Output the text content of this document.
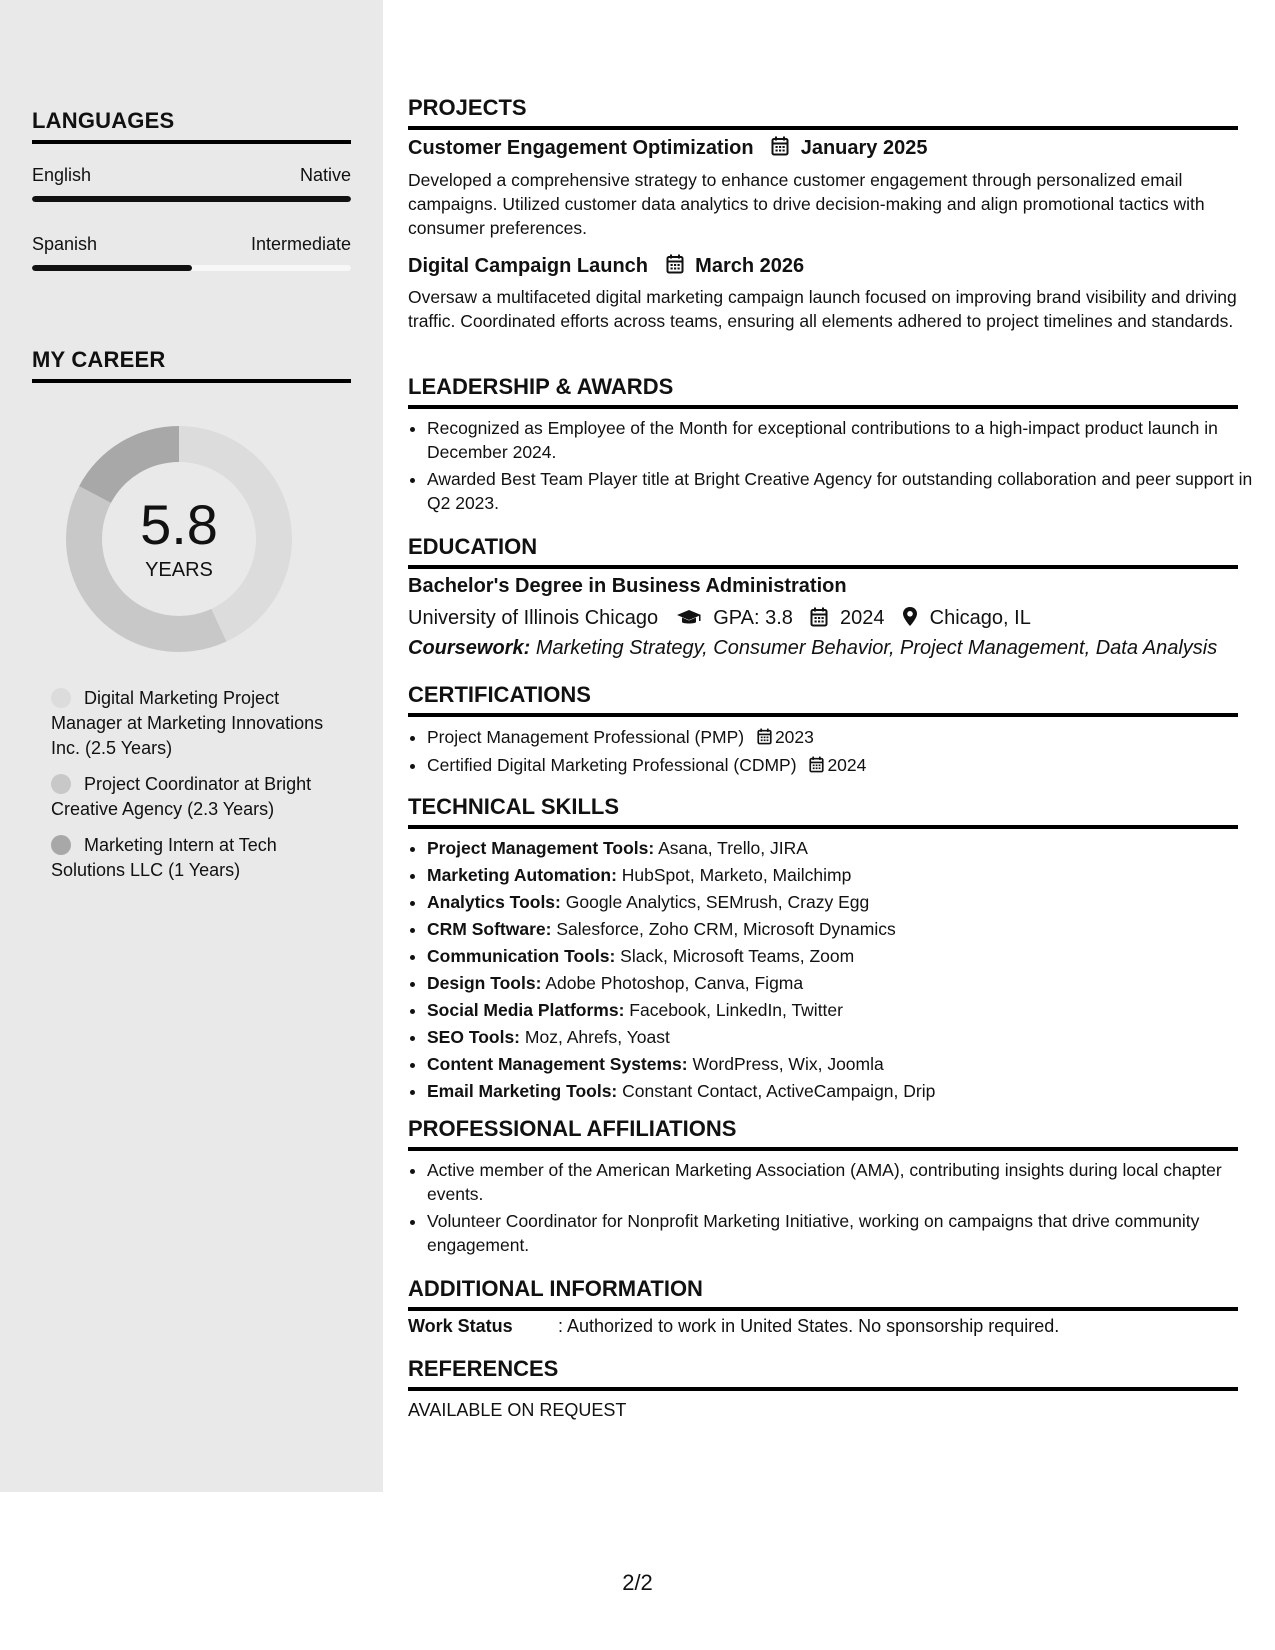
LANGUAGES
English	Native
Spanish	Intermediate
MY CAREER
5.8
YEARS
Digital Marketing Project Manager at Marketing Innovations Inc. (2.5 Years)
Project Coordinator at Bright Creative Agency (2.3 Years)
Marketing Intern at Tech Solutions LLC (1 Years)
PROJECTS
Customer Engagement Optimization January 2025
Developed a comprehensive strategy to enhance customer engagement through personalized email campaigns. Utilized customer data analytics to drive decision-making and align promotional tactics with consumer preferences.
Digital Campaign Launch March 2026
Oversaw a multifaceted digital marketing campaign launch focused on improving brand visibility and driving traffic. Coordinated efforts across teams, ensuring all elements adhered to project timelines and standards.
LEADERSHIP & AWARDS
• Recognized as Employee of the Month for exceptional contributions to a high-impact product launch in December 2024.
• Awarded Best Team Player title at Bright Creative Agency for outstanding collaboration and peer support in Q2 2023.
EDUCATION
Bachelor's Degree in Business Administration
University of Illinois Chicago	GPA: 3.8 2024 Chicago, IL
Coursework: Marketing Strategy, Consumer Behavior, Project Management, Data Analysis
CERTIFICATIONS
• Project Management Professional (PMP) 2023
• Certified Digital Marketing Professional (CDMP) 2024
TECHNICAL SKILLS
• Project Management Tools: Asana, Trello, JIRA
• Marketing Automation: HubSpot, Marketo, Mailchimp
• Analytics Tools: Google Analytics, SEMrush, Crazy Egg
• CRM Software: Salesforce, Zoho CRM, Microsoft Dynamics
• Communication Tools: Slack, Microsoft Teams, Zoom
• Design Tools: Adobe Photoshop, Canva, Figma
• Social Media Platforms: Facebook, LinkedIn, Twitter
• SEO Tools: Moz, Ahrefs, Yoast
• Content Management Systems: WordPress, Wix, Joomla
• Email Marketing Tools: Constant Contact, ActiveCampaign, Drip
PROFESSIONAL AFFILIATIONS
• Active member of the American Marketing Association (AMA), contributing insights during local chapter events.
• Volunteer Coordinator for Nonprofit Marketing Initiative, working on campaigns that drive community engagement.
ADDITIONAL INFORMATION
Work Status	: Authorized to work in United States. No sponsorship required.
REFERENCES
AVAILABLE ON REQUEST
2/2
